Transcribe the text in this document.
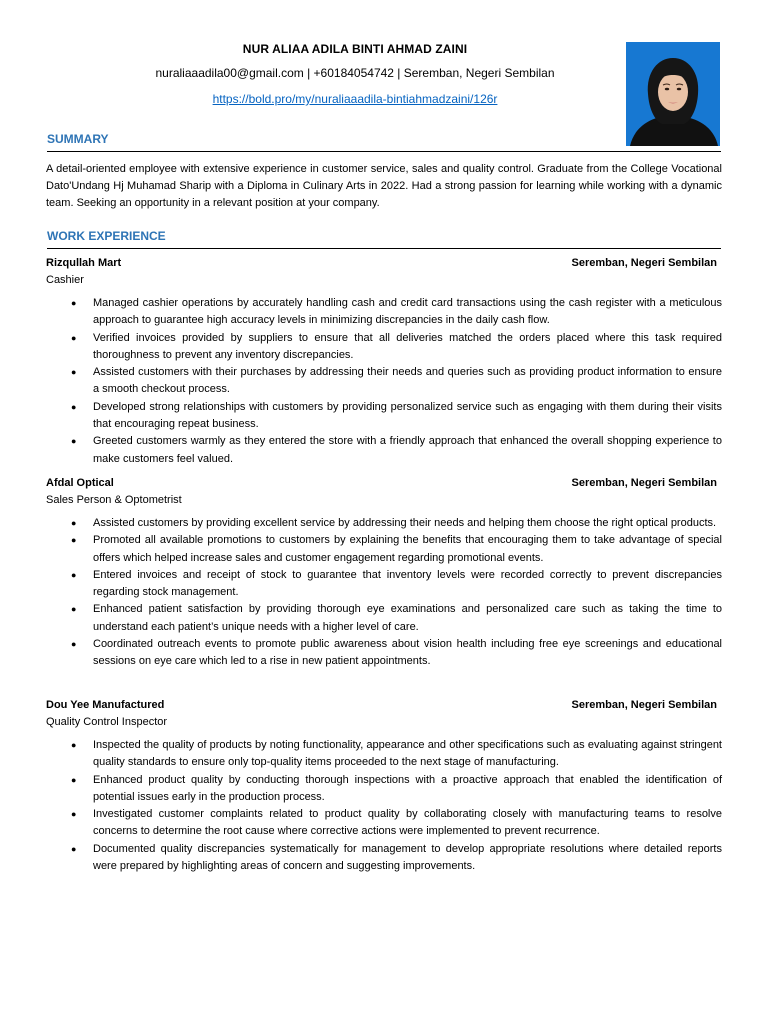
NUR ALIAA ADILA BINTI AHMAD ZAINI
nuraliaaadila00@gmail.com | +60184054742 | Seremban, Negeri Sembilan
https://bold.pro/my/nuraliaaadila-bintiahmadzaini/126r
SUMMARY
A detail-oriented employee with extensive experience in customer service, sales and quality control. Graduate from the College Vocational Dato'Undang Hj Muhamad Sharip with a Diploma in Culinary Arts in 2022. Had a strong passion for learning while working with a dynamic team. Seeking an opportunity in a relevant position at your company.
WORK EXPERIENCE
Rizqullah Mart	Seremban, Negeri Sembilan
Cashier
● Managed cashier operations by accurately handling cash and credit card transactions using the cash register with a meticulous approach to guarantee high accuracy levels in minimizing discrepancies in the daily cash flow.
● Verified invoices provided by suppliers to ensure that all deliveries matched the orders placed where this task required thoroughness to prevent any inventory discrepancies.
● Assisted customers with their purchases by addressing their needs and queries such as providing product information to ensure a smooth checkout process.
● Developed strong relationships with customers by providing personalized service such as engaging with them during their visits that encouraging repeat business.
● Greeted customers warmly as they entered the store with a friendly approach that enhanced the overall shopping experience to make customers feel valued.
Afdal Optical	Seremban, Negeri Sembilan
Sales Person & Optometrist
● Assisted customers by providing excellent service by addressing their needs and helping them choose the right optical products.
● Promoted all available promotions to customers by explaining the benefits that encouraging them to take advantage of special offers which helped increase sales and customer engagement regarding promotional events.
● Entered invoices and receipt of stock to guarantee that inventory levels were recorded correctly to prevent discrepancies regarding stock management.
● Enhanced patient satisfaction by providing thorough eye examinations and personalized care such as taking the time to understand each patient’s unique needs with a higher level of care.
● Coordinated outreach events to promote public awareness about vision health including free eye screenings and educational sessions on eye care which led to a rise in new patient appointments.
Dou Yee Manufactured	Seremban, Negeri Sembilan
Quality Control Inspector
● Inspected the quality of products by noting functionality, appearance and other specifications such as evaluating against stringent quality standards to ensure only top-quality items proceeded to the next stage of manufacturing.
● Enhanced product quality by conducting thorough inspections with a proactive approach that enabled the identification of potential issues early in the production process.
● Investigated customer complaints related to product quality by collaborating closely with manufacturing teams to resolve concerns to determine the root cause where corrective actions were implemented to prevent recurrence.
● Documented quality discrepancies systematically for management to develop appropriate resolutions where detailed reports were prepared by highlighting areas of concern and suggesting improvements.
